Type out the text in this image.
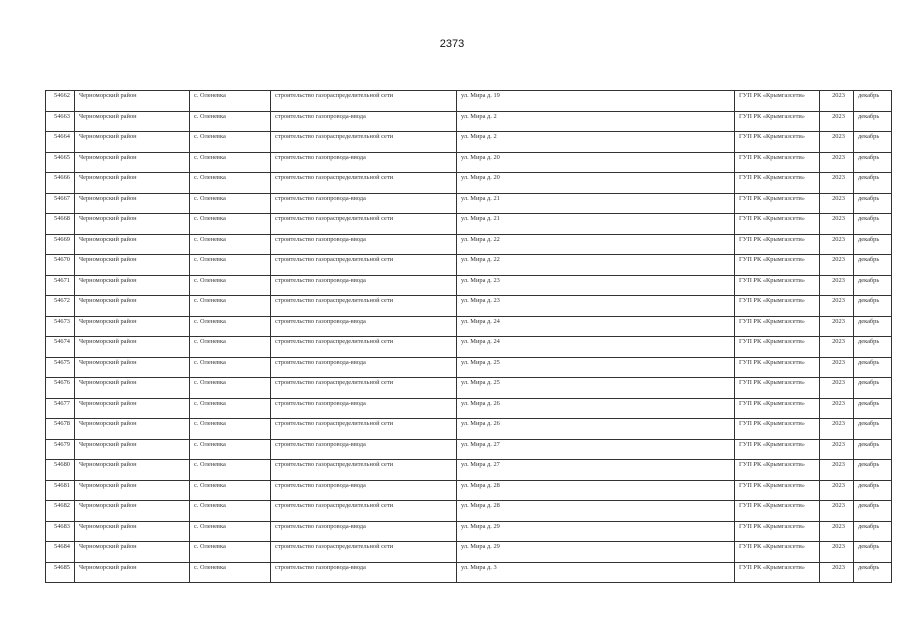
2373
54662	Черноморский район	с. Оленевка	строительство газораспределительной сети	ул. Мира д. 19	ГУП РК «Крымгазсети»	2023	декабрь
54663	Черноморский район	с. Оленевка	строительство газопровода-ввода	ул. Мира д. 2	ГУП РК «Крымгазсети»	2023	декабрь
54664	Черноморский район	с. Оленевка	строительство газораспределительной сети	ул. Мира д. 2	ГУП РК «Крымгазсети»	2023	декабрь
54665	Черноморский район	с. Оленевка	строительство газопровода-ввода	ул. Мира д. 20	ГУП РК «Крымгазсети»	2023	декабрь
54666	Черноморский район	с. Оленевка	строительство газораспределительной сети	ул. Мира д. 20	ГУП РК «Крымгазсети»	2023	декабрь
54667	Черноморский район	с. Оленевка	строительство газопровода-ввода	ул. Мира д. 21	ГУП РК «Крымгазсети»	2023	декабрь
54668	Черноморский район	с. Оленевка	строительство газораспределительной сети	ул. Мира д. 21	ГУП РК «Крымгазсети»	2023	декабрь
54669	Черноморский район	с. Оленевка	строительство газопровода-ввода	ул. Мира д. 22	ГУП РК «Крымгазсети»	2023	декабрь
54670	Черноморский район	с. Оленевка	строительство газораспределительной сети	ул. Мира д. 22	ГУП РК «Крымгазсети»	2023	декабрь
54671	Черноморский район	с. Оленевка	строительство газопровода-ввода	ул. Мира д. 23	ГУП РК «Крымгазсети»	2023	декабрь
54672	Черноморский район	с. Оленевка	строительство газораспределительной сети	ул. Мира д. 23	ГУП РК «Крымгазсети»	2023	декабрь
54673	Черноморский район	с. Оленевка	строительство газопровода-ввода	ул. Мира д. 24	ГУП РК «Крымгазсети»	2023	декабрь
54674	Черноморский район	с. Оленевка	строительство газораспределительной сети	ул. Мира д. 24	ГУП РК «Крымгазсети»	2023	декабрь
54675	Черноморский район	с. Оленевка	строительство газопровода-ввода	ул. Мира д. 25	ГУП РК «Крымгазсети»	2023	декабрь
54676	Черноморский район	с. Оленевка	строительство газораспределительной сети	ул. Мира д. 25	ГУП РК «Крымгазсети»	2023	декабрь
54677	Черноморский район	с. Оленевка	строительство газопровода-ввода	ул. Мира д. 26	ГУП РК «Крымгазсети»	2023	декабрь
54678	Черноморский район	с. Оленевка	строительство газораспределительной сети	ул. Мира д. 26	ГУП РК «Крымгазсети»	2023	декабрь
54679	Черноморский район	с. Оленевка	строительство газопровода-ввода	ул. Мира д. 27	ГУП РК «Крымгазсети»	2023	декабрь
54680	Черноморский район	с. Оленевка	строительство газораспределительной сети	ул. Мира д. 27	ГУП РК «Крымгазсети»	2023	декабрь
54681	Черноморский район	с. Оленевка	строительство газопровода-ввода	ул. Мира д. 28	ГУП РК «Крымгазсети»	2023	декабрь
54682	Черноморский район	с. Оленевка	строительство газораспределительной сети	ул. Мира д. 28	ГУП РК «Крымгазсети»	2023	декабрь
54683	Черноморский район	с. Оленевка	строительство газопровода-ввода	ул. Мира д. 29	ГУП РК «Крымгазсети»	2023	декабрь
54684	Черноморский район	с. Оленевка	строительство газораспределительной сети	ул. Мира д. 29	ГУП РК «Крымгазсети»	2023	декабрь
54685	Черноморский район	с. Оленевка	строительство газопровода-ввода	ул. Мира д. 3	ГУП РК «Крымгазсети»	2023	декабрь
